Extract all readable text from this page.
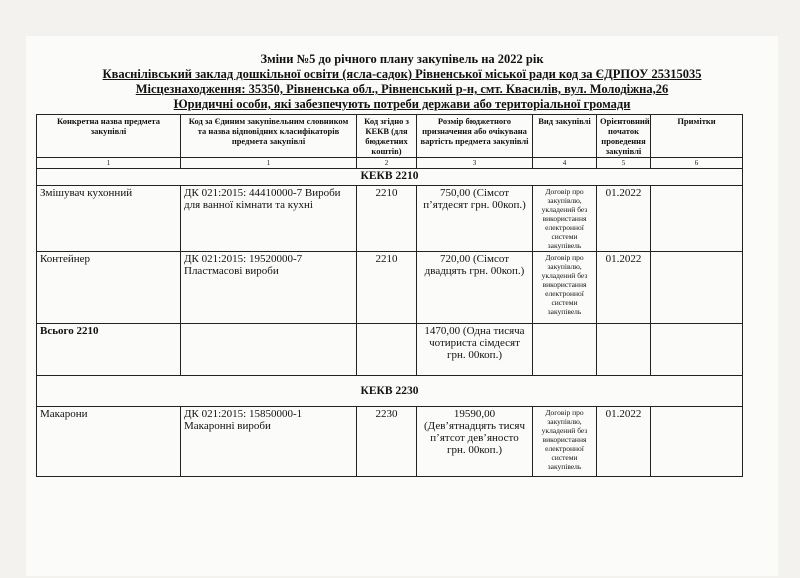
Зміни №5 до річного плану закупівель на 2022 рік
Кваснілівський заклад дошкільної освіти (ясла-садок) Рівненської міської ради код за ЄДРПОУ 25315035
Місцезнаходження: 35350, Рівненська обл., Рівненський р-н, смт. Квасилів, вул. Молодіжна,26
Юридичні особи, які забезпечують потреби держави або територіальної громади
Конкретна назва предмета закупівлі	Код за Єдиним закупівельним словником та назва відповідних класифікаторів предмета закупівлі	Код згідно з КЕКВ (для бюджетних коштів)	Розмір бюджетного призначення або очікувана вартість предмета закупівлі	Вид закупівлі	Орієнтовний початок проведення закупівлі	Примітки
1	1	2	3	4	5	6
КЕКВ 2210						
Змішувач кухонний	ДК 021:2015: 44410000-7 Вироби для ванної кімнати та кухні	2210	750,00 (Сімсот п’ятдесят грн. 00коп.)	Договір про закупівлю, укладений без використання електронної системи закупівель	01.2022	
Контейнер	ДК 021:2015: 19520000-7 Пластмасові вироби	2210	720,00 (Сімсот двадцять грн. 00коп.)	Договір про закупівлю, укладений без використання електронної системи закупівель	01.2022	
Всього 2210			1470,00 (Одна тисяча чотириста сімдесят грн. 00коп.)			
КЕКВ 2230						
Макарони	ДК 021:2015: 15850000-1 Макаронні вироби	2230	19590,00 (Дев’ятнадцять тисяч п’ятсот дев’яносто грн. 00коп.)	Договір про закупівлю, укладений без використання електронної системи закупівель	01.2022	
